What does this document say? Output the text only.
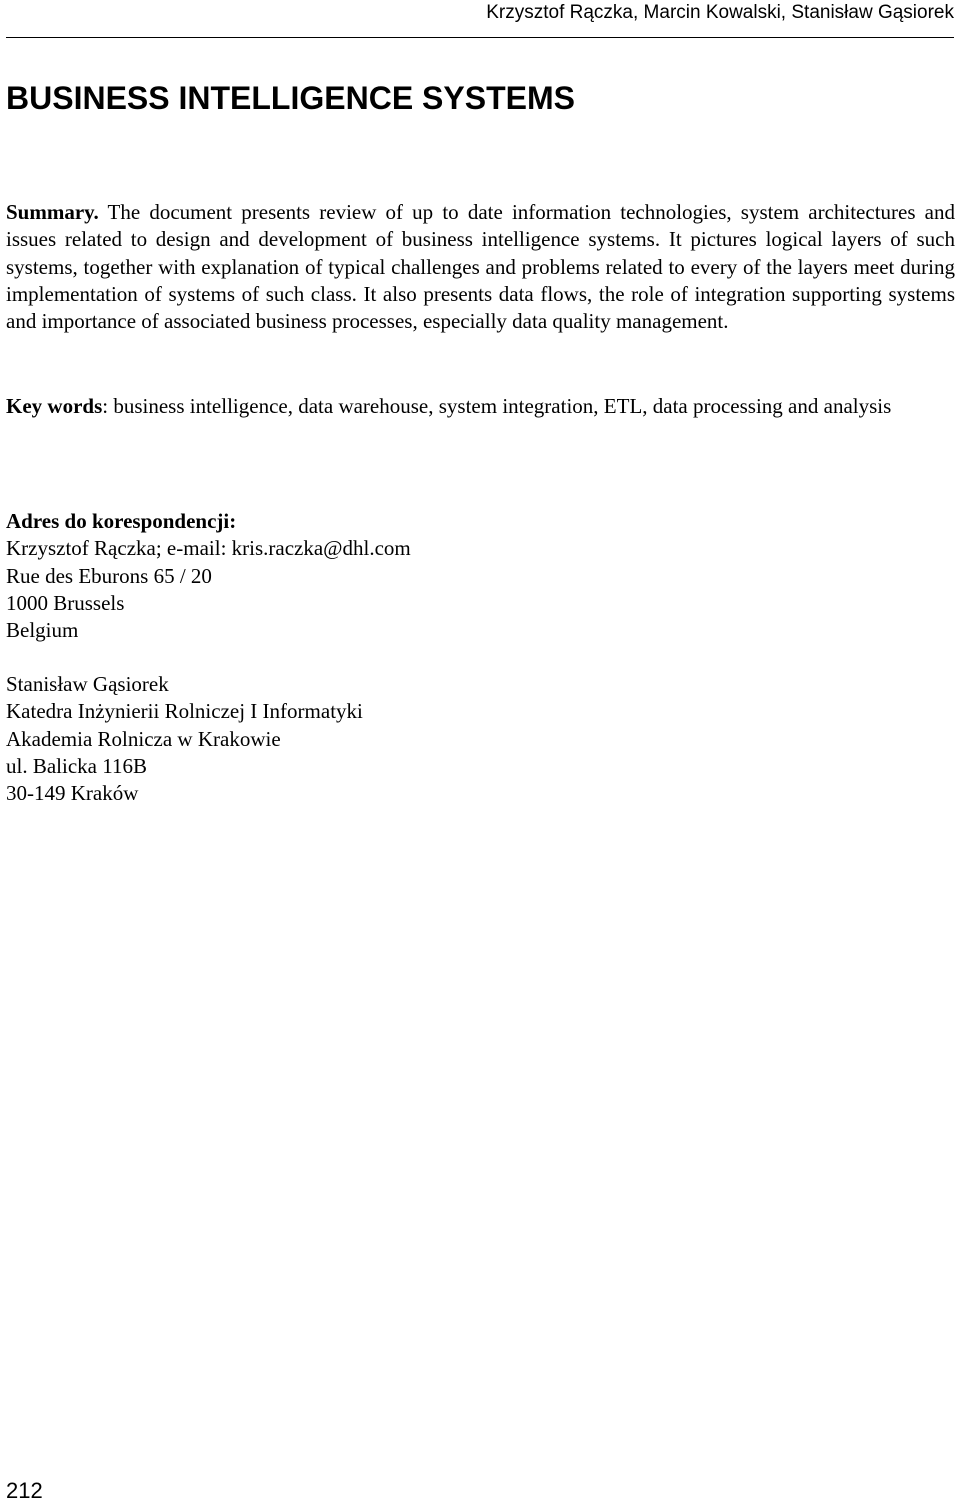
Krzysztof Rączka, Marcin Kowalski, Stanisław Gąsiorek
BUSINESS INTELLIGENCE SYSTEMS

Summary. The document presents review of up to date information technologies, system architectures and issues related to design and development of business intelligence systems. It pictures logical layers of such systems, together with explanation of typical challenges and problems related to every of the layers meet during implementation of systems of such class. It also presents data flows, the role of integration supporting systems and importance of associated business processes, especially data quality management.

Key words: business intelligence, data warehouse, system integration, ETL, data processing and analysis

Adres do korespondencji:
Krzysztof Rączka; e-mail: kris.raczka@dhl.com
Rue des Eburons 65 / 20
1000 Brussels
Belgium
Stanisław Gąsiorek
Katedra Inżynierii Rolniczej I Informatyki
Akademia Rolnicza w Krakowie
ul. Balicka 116B
30-149 Kraków
212
